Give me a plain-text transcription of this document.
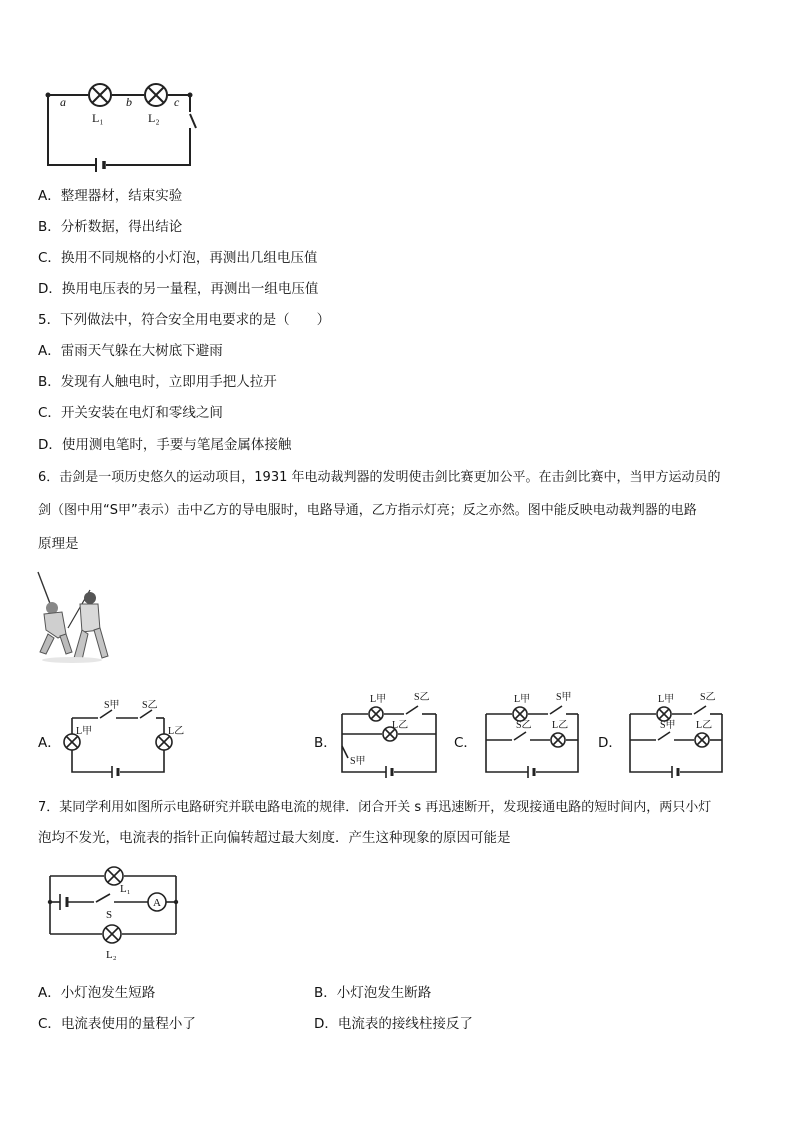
a	b	c
L₁	L₂
A．整理器材，结束实验
B．分析数据，得出结论
C．换用不同规格的小灯泡，再测出几组电压值
D．换用电压表的另一量程，再测出一组电压值
5．下列做法中，符合安全用电要求的是（　　）
A．雷雨天气躲在大树底下避雨
B．发现有人触电时，立即用手把人拉开
C．开关安装在电灯和零线之间
D．使用测电笔时，手要与笔尾金属体接触
6．击剑是一项历史悠久的运动项目，1931 年电动裁判器的发明使击剑比赛更加公平。在击剑比赛中，当甲方运动员的
剑（图中用“S甲”表示）击中乙方的导电服时，电路导通，乙方指示灯亮；反之亦然。图中能反映电动裁判器的电路
原理是
A．
S甲 S乙
L甲	L乙
B．
L甲	S乙
L乙
S甲
C．
L甲	S甲
S乙 L乙
D．
L甲	S乙
S甲 L乙
7．某同学利用如图所示电路研究并联电路电流的规律．闭合开关 s 再迅速断开，发现接通电路的短时间内，两只小灯
泡均不发光，电流表的指针正向偏转超过最大刻度．产生这种现象的原因可能是
L₁
S
A
L₂
A．小灯泡发生短路	B．小灯泡发生断路
C．电流表使用的量程小了	D．电流表的接线柱接反了
